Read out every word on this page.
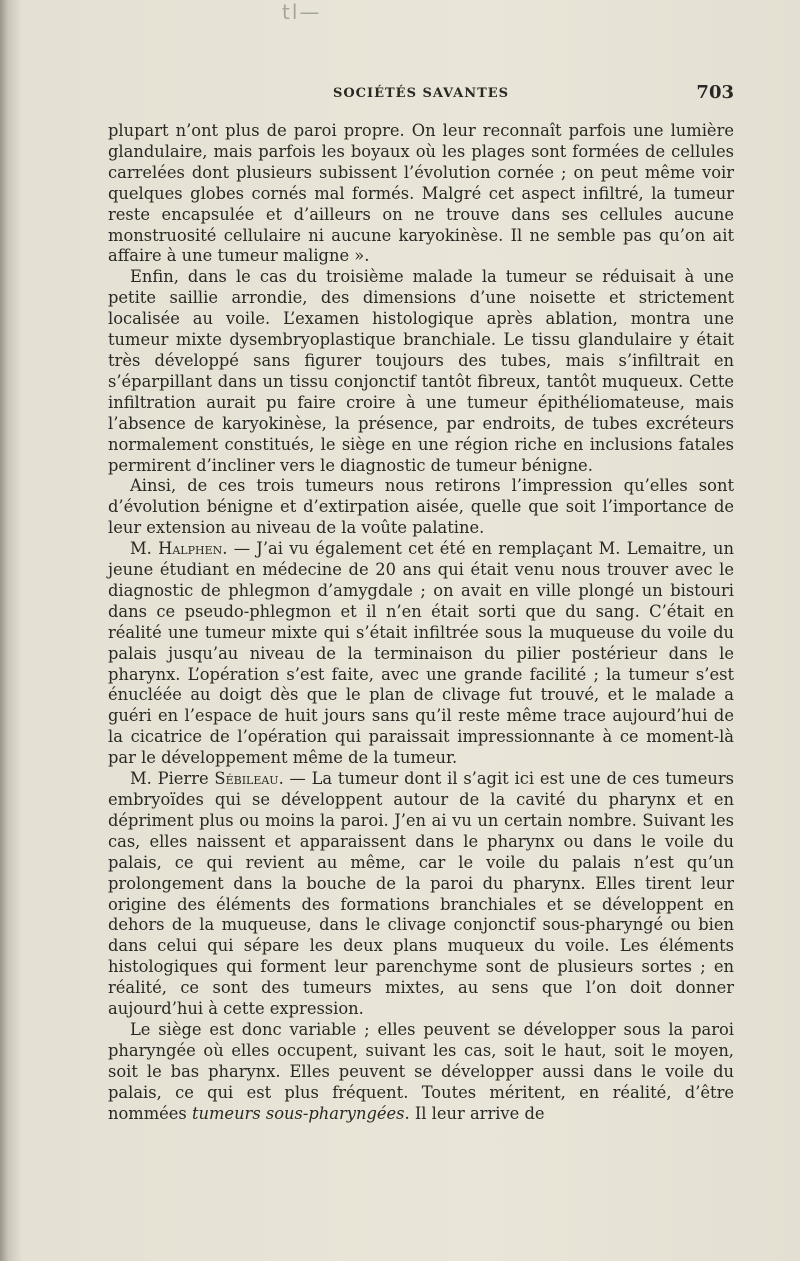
tl—
SOCIÉTÉS SAVANTES	703

plupart n’ont plus de paroi propre. On leur reconnaît parfois une lumière glandulaire, mais parfois les boyaux où les plages sont formées de cellules carrelées dont plusieurs subissent l’évolution cornée ; on peut même voir quelques globes cornés mal formés. Malgré cet aspect infiltré, la tumeur reste encapsulée et d’ailleurs on ne trouve dans ses cellules aucune monstruosité cellulaire ni aucune karyokinèse. Il ne semble pas qu’on ait affaire à une tumeur maligne ».

Enfin, dans le cas du troisième malade la tumeur se réduisait à une petite saillie arrondie, des dimensions d’une noisette et strictement localisée au voile. L’examen histologique après ablation, montra une tumeur mixte dysembryoplastique branchiale. Le tissu glandulaire y était très développé sans figurer toujours des tubes, mais s’infiltrait en s’éparpillant dans un tissu conjonctif tantôt fibreux, tantôt muqueux. Cette infiltration aurait pu faire croire à une tumeur épithéliomateuse, mais l’absence de karyokinèse, la présence, par endroits, de tubes excréteurs normalement constitués, le siège en une région riche en inclusions fatales permirent d’incliner vers le diagnostic de tumeur bénigne.

Ainsi, de ces trois tumeurs nous retirons l’impression qu’elles sont d’évolution bénigne et d’extirpation aisée, quelle que soit l’importance de leur extension au niveau de la voûte palatine.

M. Halphen. — J’ai vu également cet été en remplaçant M. Lemaitre, un jeune étudiant en médecine de 20 ans qui était venu nous trouver avec le diagnostic de phlegmon d’amygdale ; on avait en ville plongé un bistouri dans ce pseudo-phlegmon et il n’en était sorti que du sang. C’était en réalité une tumeur mixte qui s’était infiltrée sous la muqueuse du voile du palais jusqu’au niveau de la terminaison du pilier postérieur dans le pharynx. L’opération s’est faite, avec une grande facilité ; la tumeur s’est énucléée au doigt dès que le plan de clivage fut trouvé, et le malade a guéri en l’espace de huit jours sans qu’il reste même trace aujourd’hui de la cicatrice de l’opération qui paraissait impressionnante à ce moment-là par le développement même de la tumeur.

M. Pierre Sébileau. — La tumeur dont il s’agit ici est une de ces tumeurs embryoïdes qui se développent autour de la cavité du pharynx et en dépriment plus ou moins la paroi. J’en ai vu un certain nombre. Suivant les cas, elles naissent et apparaissent dans le pharynx ou dans le voile du palais, ce qui revient au même, car le voile du palais n’est qu’un prolongement dans la bouche de la paroi du pharynx. Elles tirent leur origine des éléments des formations branchiales et se développent en dehors de la muqueuse, dans le clivage conjonctif sous-pharyngé ou bien dans celui qui sépare les deux plans muqueux du voile. Les éléments histologiques qui forment leur parenchyme sont de plusieurs sortes ; en réalité, ce sont des tumeurs mixtes, au sens que l’on doit donner aujourd’hui à cette expression.

Le siège est donc variable ; elles peuvent se développer sous la paroi pharyngée où elles occupent, suivant les cas, soit le haut, soit le moyen, soit le bas pharynx. Elles peuvent se développer aussi dans le voile du palais, ce qui est plus fréquent. Toutes méritent, en réalité, d’être nommées tumeurs sous-pharyngées. Il leur arrive de
